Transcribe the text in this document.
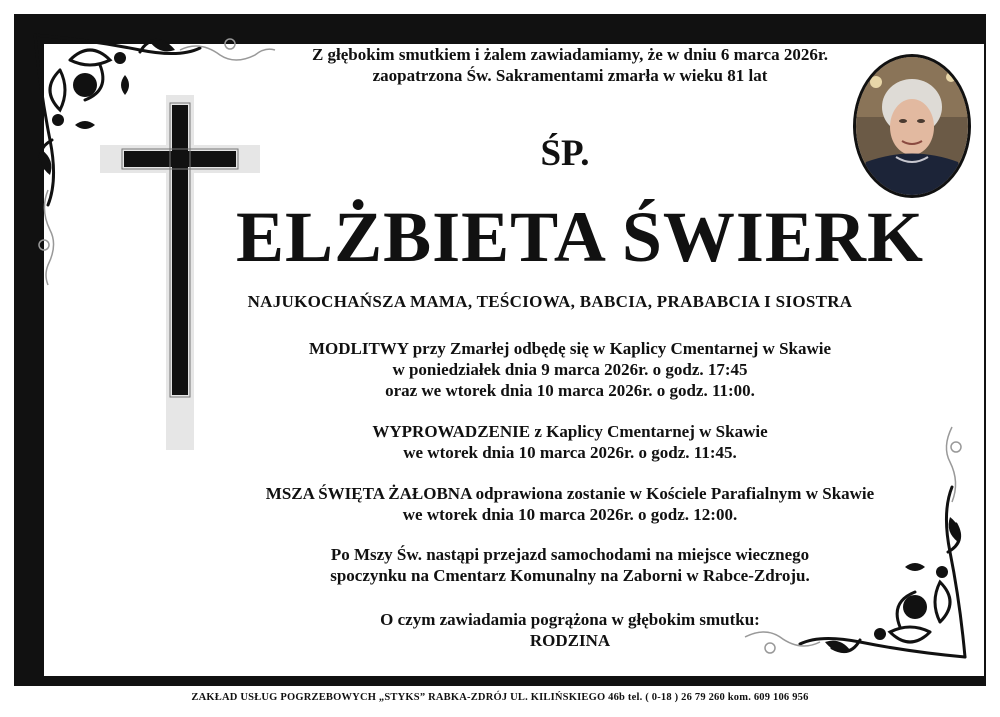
Z głębokim smutkiem i żalem zawiadamiamy, że w dniu 6 marca 2026r.
zaopatrzona Św. Sakramentami zmarła w wieku 81 lat
ŚP.
ELŻBIETA ŚWIERK
NAJUKOCHAŃSZA MAMA, TEŚCIOWA, BABCIA, PRABABCIA I SIOSTRA
MODLITWY przy Zmarłej odbędę się w Kaplicy Cmentarnej w Skawie
w poniedziałek dnia 9 marca 2026r. o godz. 17:45
oraz we wtorek dnia 10 marca 2026r. o godz. 11:00.
WYPROWADZENIE z Kaplicy Cmentarnej w Skawie
we wtorek dnia 10 marca 2026r. o godz. 11:45.
MSZA ŚWIĘTA ŻAŁOBNA odprawiona zostanie w Kościele Parafialnym w Skawie
we wtorek dnia 10 marca 2026r. o godz. 12:00.
Po Mszy Św. nastąpi przejazd samochodami na miejsce wiecznego
spoczynku na Cmentarz Komunalny na Zaborni w Rabce-Zdroju.
O czym zawiadamia pogrążona w głębokim smutku:
RODZINA
ZAKŁAD USŁUG POGRZEBOWYCH „STYKS” RABKA-ZDRÓJ UL. KILIŃSKIEGO 46b tel. ( 0-18 ) 26 79 260 kom. 609 106 956
